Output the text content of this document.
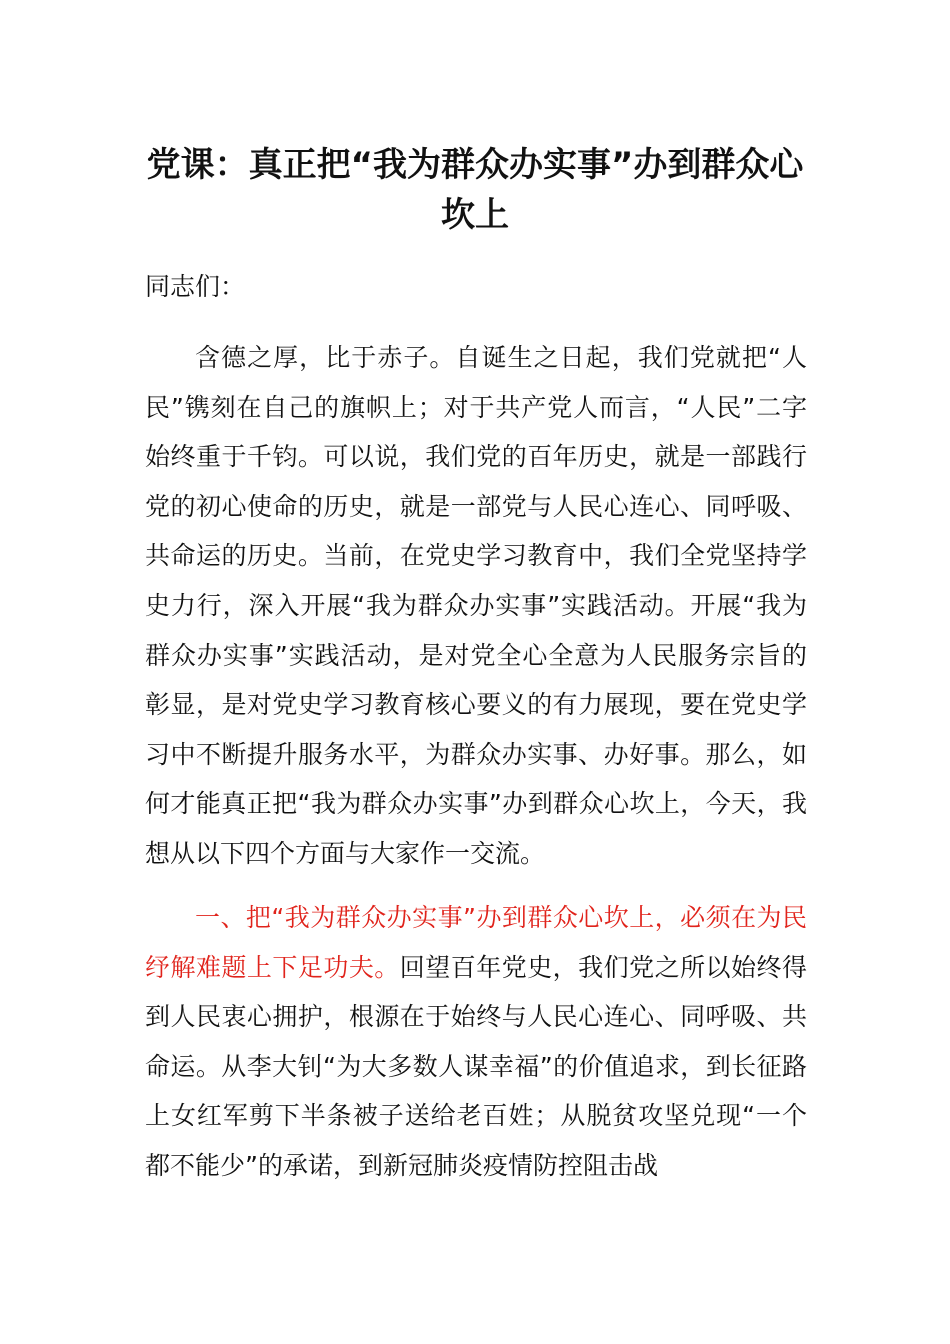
党课：真正把“我为群众办实事”办到群众心坎上

同志们：

含德之厚，比于赤子。自诞生之日起，我们党就把“人民”镌刻在自己的旗帜上；对于共产党人而言，“人民”二字始终重于千钧。可以说，我们党的百年历史，就是一部践行党的初心使命的历史，就是一部党与人民心连心、同呼吸、共命运的历史。当前，在党史学习教育中，我们全党坚持学史力行，深入开展“我为群众办实事”实践活动。开展“我为群众办实事”实践活动，是对党全心全意为人民服务宗旨的彰显，是对党史学习教育核心要义的有力展现，要在党史学习中不断提升服务水平，为群众办实事、办好事。那么，如何才能真正把“我为群众办实事”办到群众心坎上，今天，我想从以下四个方面与大家作一交流。

一、把“我为群众办实事”办到群众心坎上，必须在为民纾解难题上下足功夫。回望百年党史，我们党之所以始终得到人民衷心拥护，根源在于始终与人民心连心、同呼吸、共命运。从李大钊“为大多数人谋幸福”的价值追求，到长征路上女红军剪下半条被子送给老百姓；从脱贫攻坚兑现“一个都不能少”的承诺，到新冠肺炎疫情防控阻击战
